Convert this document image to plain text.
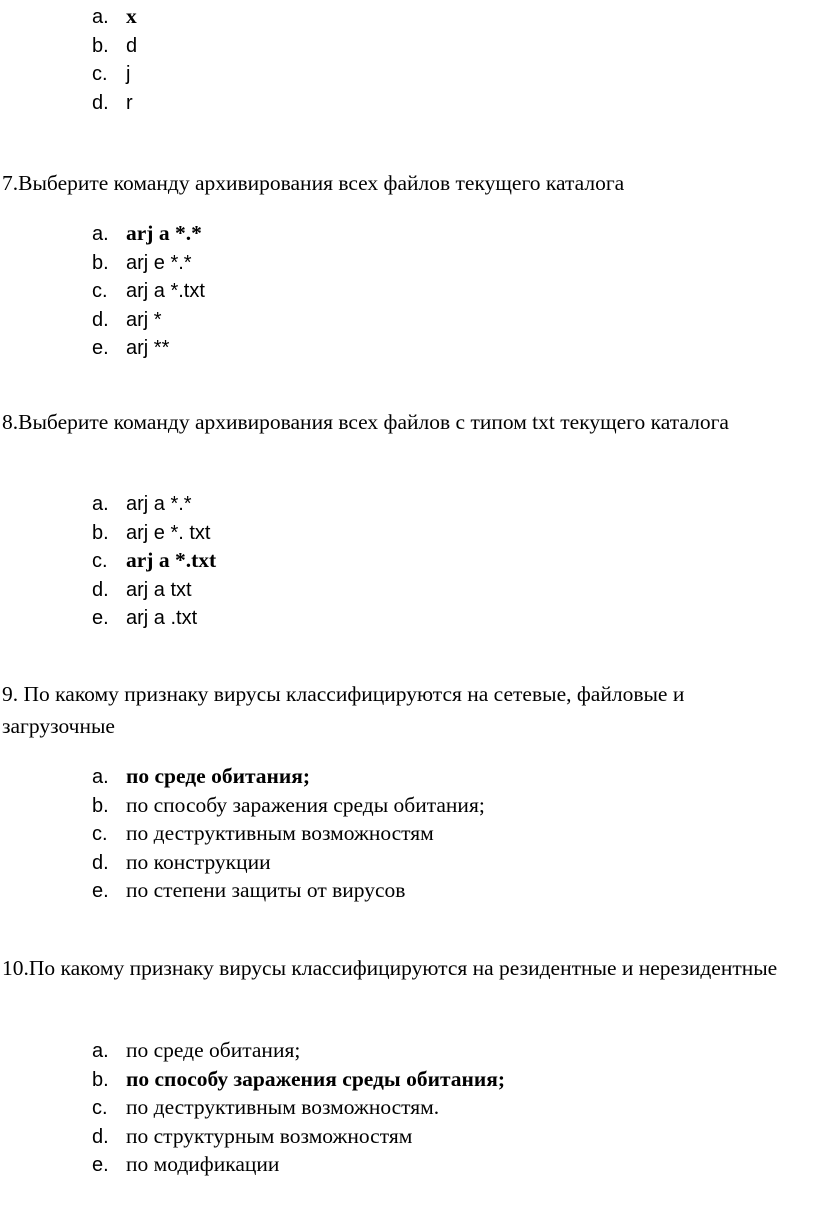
a. x
b. d
c. j
d. r

7.Выберите команду архивирования всех файлов текущего каталога

a. arj a *.*
b. arj e *.*
c. arj a *.txt
d. arj *
e. arj **

8.Выберите команду архивирования всех файлов с типом txt текущего каталога

a. arj a *.*
b. arj e *. txt
c. arj a *.txt
d. arj a txt
e. arj a .txt

9. По какому признаку вирусы классифицируются на сетевые, файловые и загрузочные

a. по среде обитания;
b. по способу заражения среды обитания;
c. по деструктивным возможностям
d. по конструкции
e. по степени защиты от вирусов

10.По какому признаку вирусы классифицируются на резидентные и нерезидентные

a. по среде обитания;
b. по способу заражения среды обитания;
c. по деструктивным возможностям.
d. по структурным возможностям
e. по модификации
